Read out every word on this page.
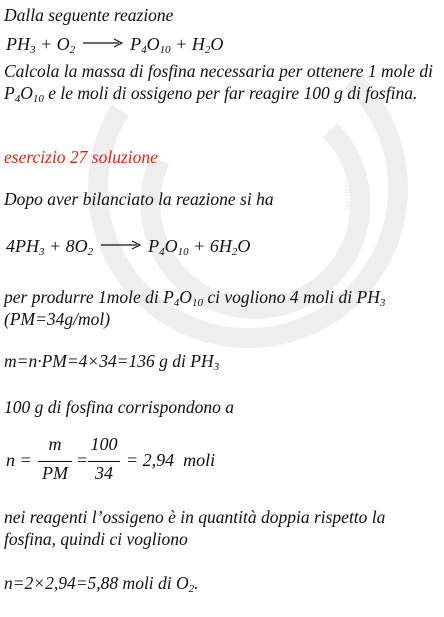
chimicaoline
Dalla seguente reazione
$PH_3 + O_2 \to P_4O_{10} + H_2O$
Calcola la massa di fosfina necessaria per ottenere 1 mole di $P_4O_{10}$ e le moli di ossigeno per far reagire 100 g di fosfina.
esercizio 27 soluzione
Dopo aver bilanciato la reazione si ha
$4PH_3 + 8O_2 \to P_4O_{10} + 6H_2O$
per produrre 1mole di $P_4O_{10}$ ci vogliono 4 moli di $PH_3$ (PM=34g/mol)
m=n·PM=4×34=136 g di $PH_3$
100 g di fosfina corrispondono a
n =
m
PM
=
100
34
= 2,94  moli
nei reagenti l’ossigeno è in quantità doppia rispetto la fosfina, quindi ci vogliono
n=2×2,94=5,88 moli di $O_2$.
